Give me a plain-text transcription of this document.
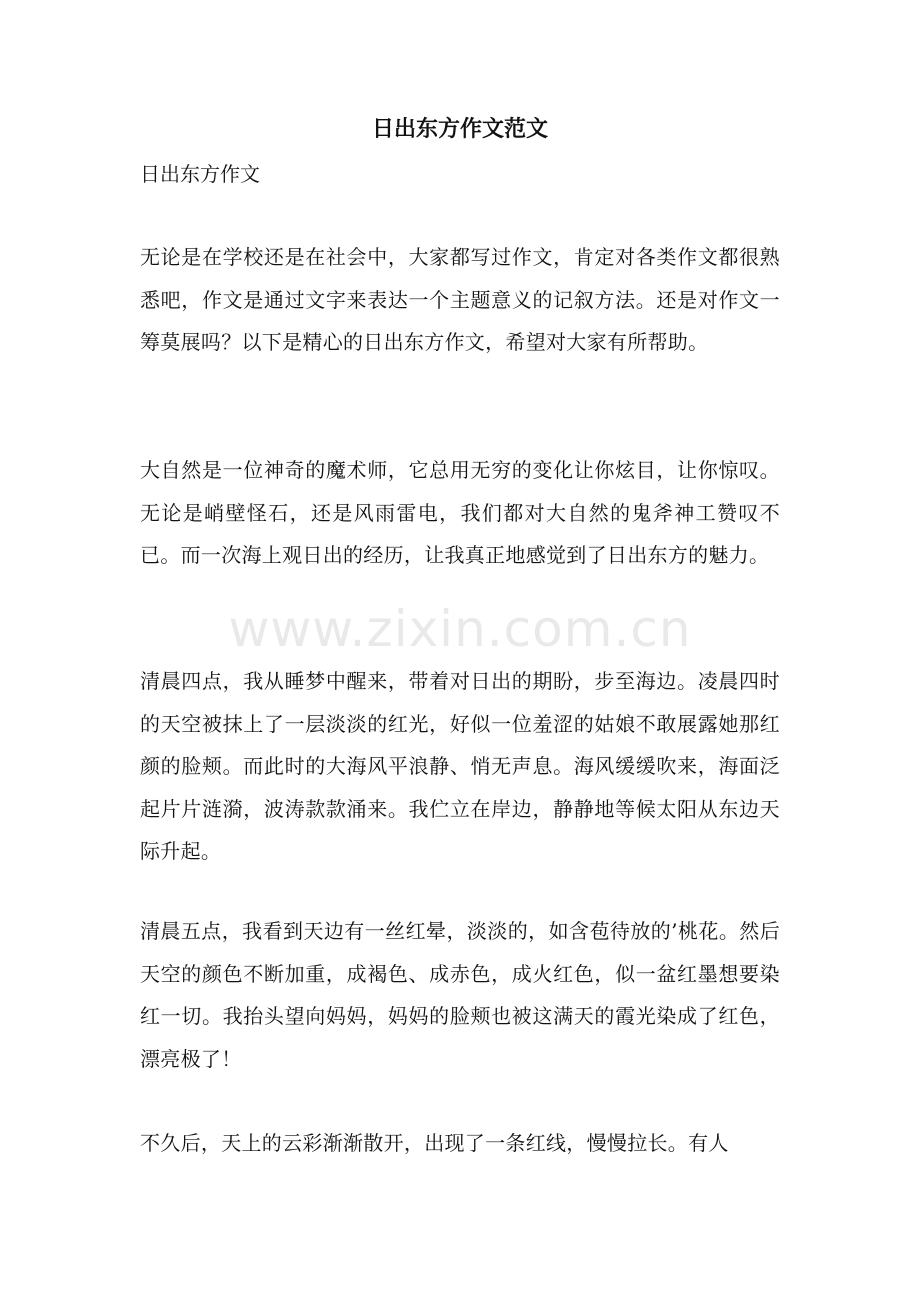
日出东方作文范文

日出东方作文

无论是在学校还是在社会中，大家都写过作文，肯定对各类作文都很熟悉吧，作文是通过文字来表达一个主题意义的记叙方法。还是对作文一筹莫展吗？以下是精心的日出东方作文，希望对大家有所帮助。

大自然是一位神奇的魔术师，它总用无穷的变化让你炫目，让你惊叹。无论是峭壁怪石，还是风雨雷电，我们都对大自然的鬼斧神工赞叹不已。而一次海上观日出的经历，让我真正地感觉到了日出东方的魅力。

清晨四点，我从睡梦中醒来，带着对日出的期盼，步至海边。凌晨四时的天空被抹上了一层淡淡的红光，好似一位羞涩的姑娘不敢展露她那红颜的脸颊。而此时的大海风平浪静、悄无声息。海风缓缓吹来，海面泛起片片涟漪，波涛款款涌来。我伫立在岸边，静静地等候太阳从东边天际升起。

清晨五点，我看到天边有一丝红晕，淡淡的，如含苞待放的’桃花。然后天空的颜色不断加重，成褐色、成赤色，成火红色，似一盆红墨想要染红一切。我抬头望向妈妈，妈妈的脸颊也被这满天的霞光染成了红色，漂亮极了！

不久后，天上的云彩渐渐散开，出现了一条红线，慢慢拉长。有人

www.zixin.com.cn
